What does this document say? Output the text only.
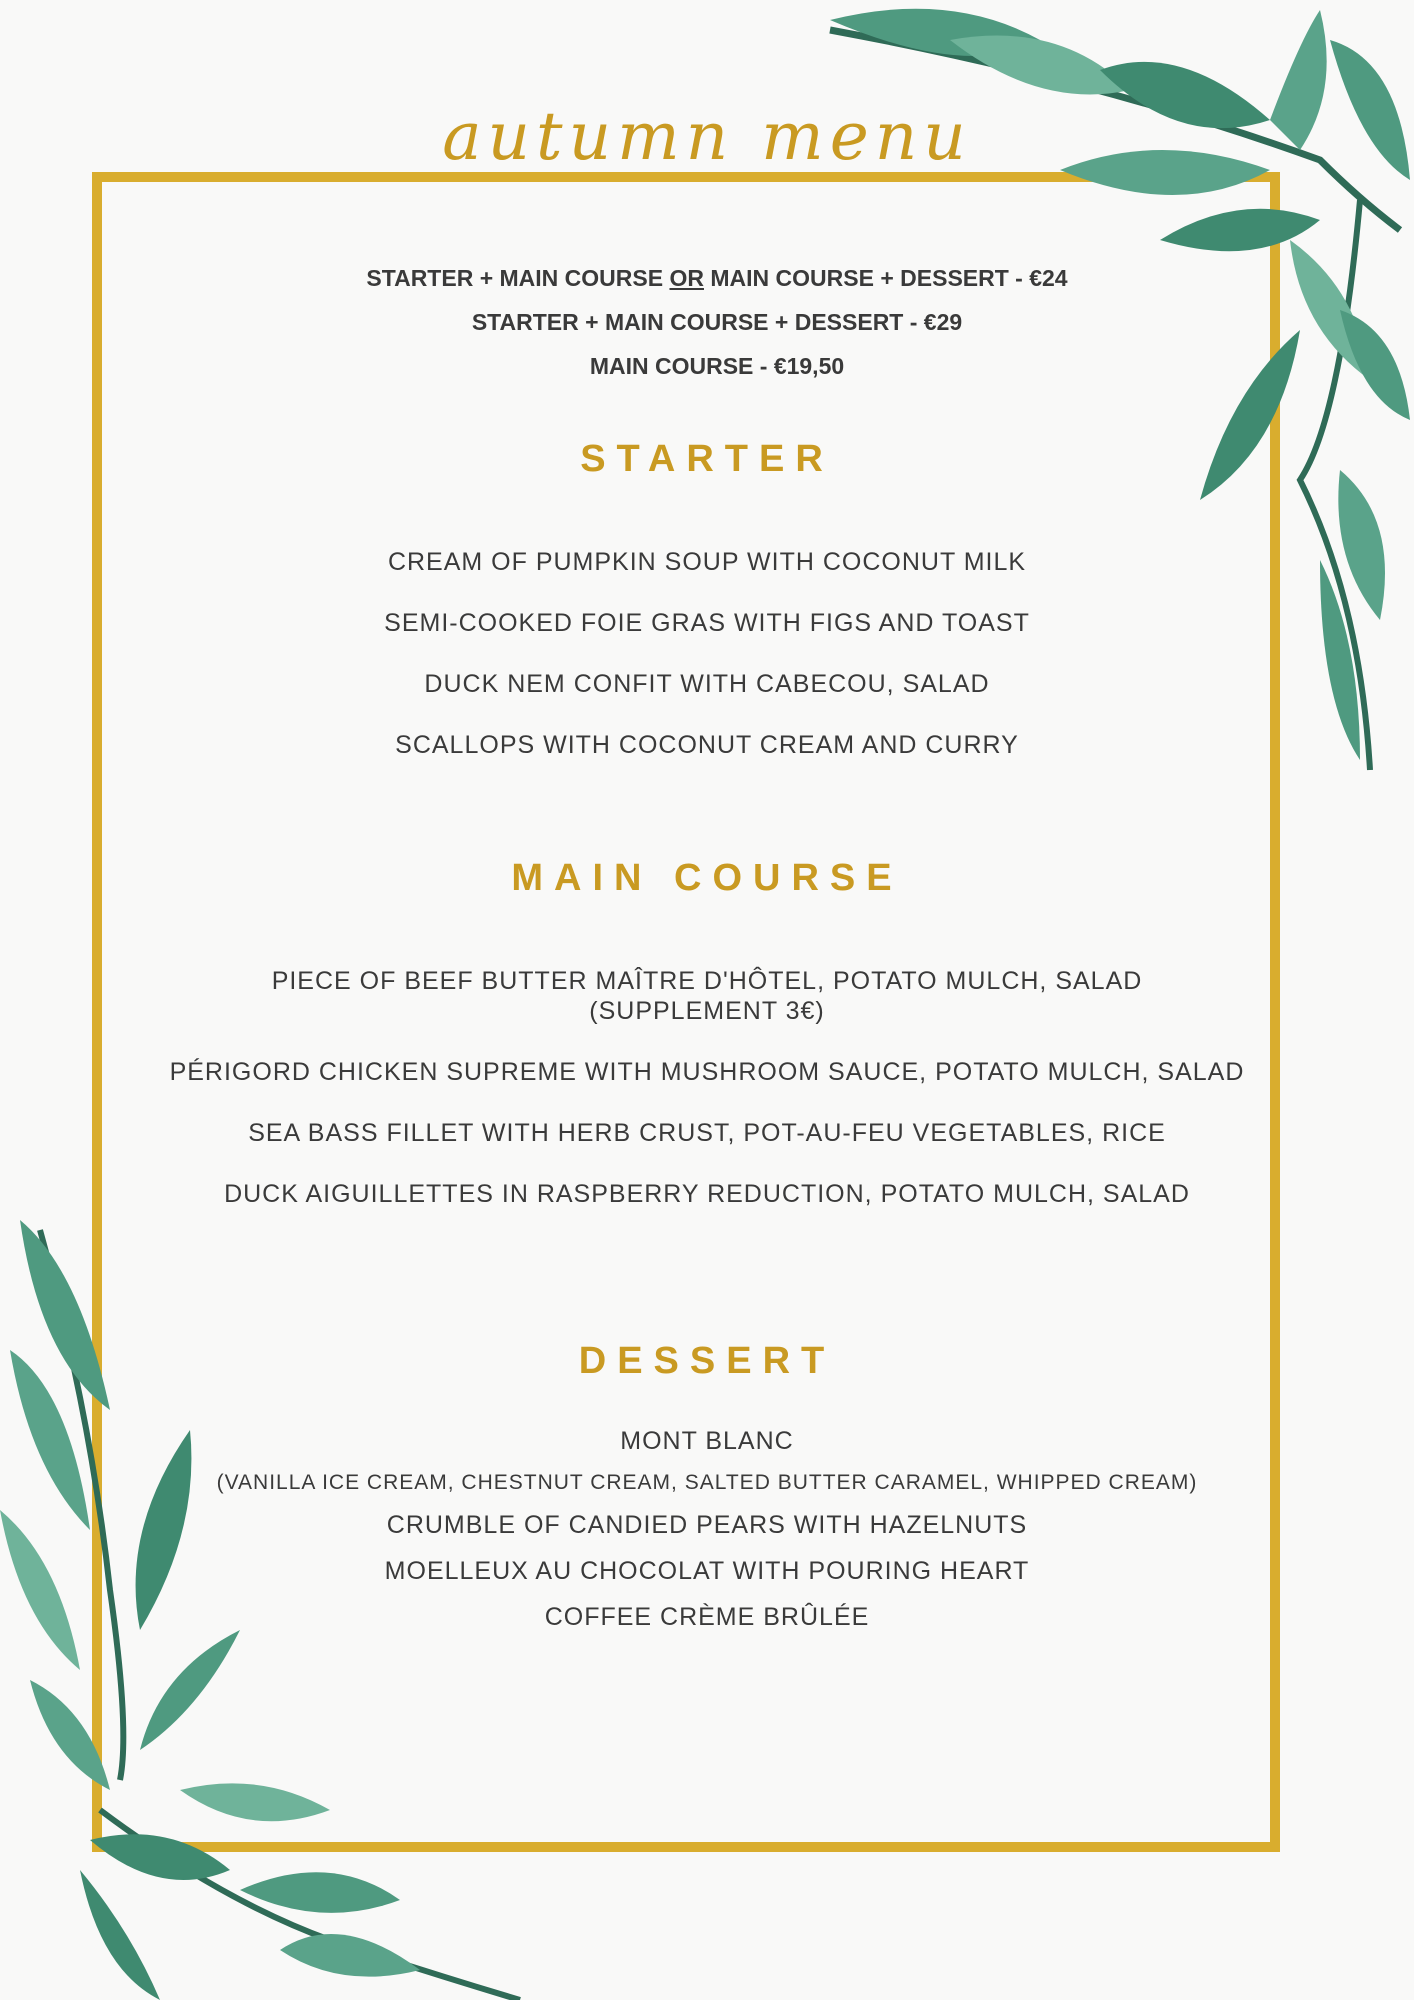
autumn menu
STARTER + MAIN COURSE OR MAIN COURSE + DESSERT - €24
STARTER + MAIN COURSE + DESSERT - €29
MAIN COURSE - €19,50
STARTER
CREAM OF PUMPKIN SOUP WITH COCONUT MILK
SEMI-COOKED FOIE GRAS WITH FIGS AND TOAST
DUCK NEM CONFIT WITH CABECOU, SALAD
SCALLOPS WITH COCONUT CREAM AND CURRY
MAIN COURSE
PIECE OF BEEF BUTTER MAÎTRE D'HÔTEL, POTATO MULCH, SALAD
(SUPPLEMENT 3€)
PÉRIGORD CHICKEN SUPREME WITH MUSHROOM SAUCE, POTATO MULCH, SALAD
SEA BASS FILLET WITH HERB CRUST, POT-AU-FEU VEGETABLES, RICE
DUCK AIGUILLETTES IN RASPBERRY REDUCTION, POTATO MULCH, SALAD
DESSERT
MONT BLANC
(VANILLA ICE CREAM, CHESTNUT CREAM, SALTED BUTTER CARAMEL, WHIPPED CREAM)
CRUMBLE OF CANDIED PEARS WITH HAZELNUTS
MOELLEUX AU CHOCOLAT WITH POURING HEART
COFFEE CRÈME BRÛLÉE
